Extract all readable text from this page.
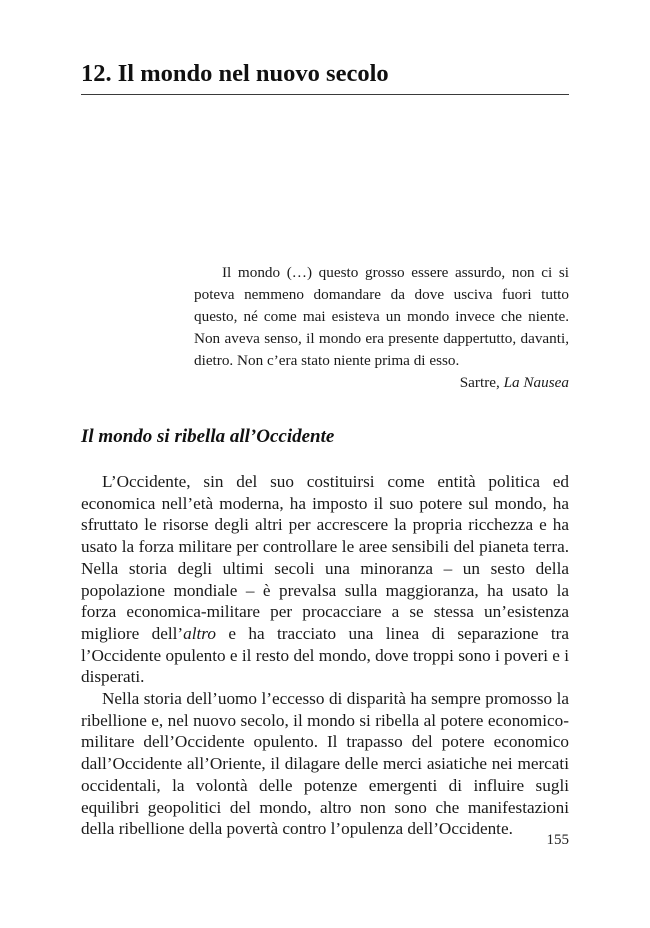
12. Il mondo nel nuovo secolo

Il mondo (…) questo grosso essere assurdo, non ci si poteva nemmeno domandare da dove usciva fuori tutto questo, né come mai esisteva un mondo invece che niente. Non aveva senso, il mondo era presente dappertutto, davanti, dietro. Non c’era stato niente prima di esso.

Sartre, La Nausea

Il mondo si ribella all’Occidente

L’Occidente, sin del suo costituirsi come entità politica ed economica nell’età moderna, ha imposto il suo potere sul mondo, ha sfruttato le risorse degli altri per accrescere la propria ricchezza e ha usato la forza militare per controllare le aree sensibili del pianeta terra. Nella storia degli ultimi secoli una minoranza – un sesto della popolazione mondiale – è prevalsa sulla maggioranza, ha usato la forza economica-militare per procacciare a se stessa un’esistenza migliore dell’altro e ha tracciato una linea di separazione tra l’Occidente opulento e il resto del mondo, dove troppi sono i poveri e i disperati.

Nella storia dell’uomo l’eccesso di disparità ha sempre promosso la ribellione e, nel nuovo secolo, il mondo si ribella al potere economico-militare dell’Occidente opulento. Il trapasso del potere economico dall’Occidente all’Oriente, il dilagare delle merci asiatiche nei mercati occidentali, la volontà delle potenze emergenti di influire sugli equilibri geopolitici del mondo, altro non sono che manifestazioni della ribellione della povertà contro l’opulenza dell’Occidente.

155
